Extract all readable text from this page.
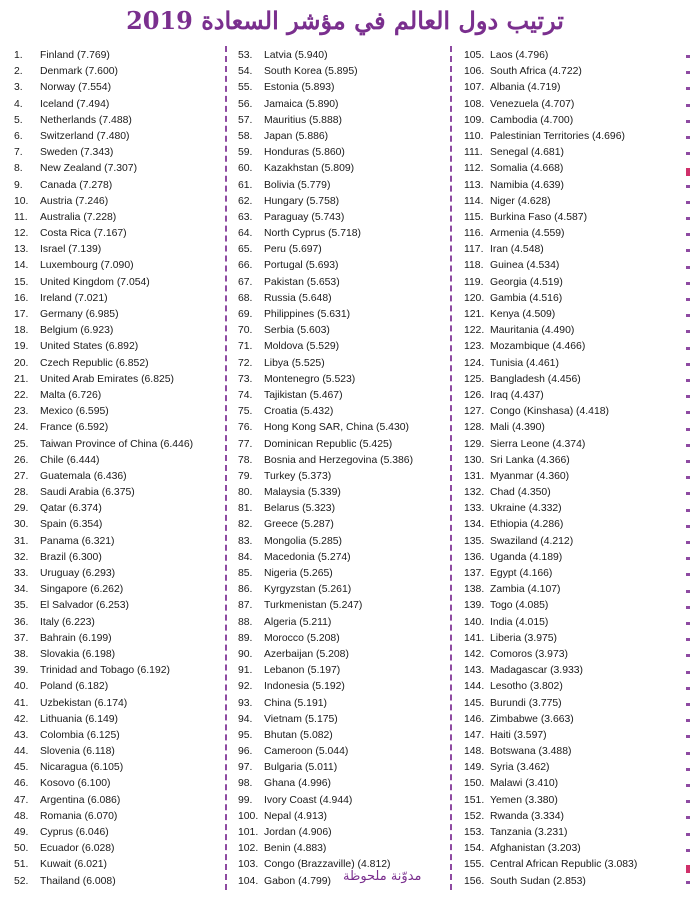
ترتيب دول العالم في مؤشر السعادة 2019
1. Finland (7.769)
2. Denmark (7.600)
3. Norway (7.554)
4. Iceland (7.494)
5. Netherlands (7.488)
6. Switzerland (7.480)
7. Sweden (7.343)
8. New Zealand (7.307)
9. Canada (7.278)
10. Austria (7.246)
11. Australia (7.228)
12. Costa Rica (7.167)
13. Israel (7.139)
14. Luxembourg (7.090)
15. United Kingdom (7.054)
16. Ireland (7.021)
17. Germany (6.985)
18. Belgium (6.923)
19. United States (6.892)
20. Czech Republic (6.852)
21. United Arab Emirates (6.825)
22. Malta (6.726)
23. Mexico (6.595)
24. France (6.592)
25. Taiwan Province of China (6.446)
26. Chile (6.444)
27. Guatemala (6.436)
28. Saudi Arabia (6.375)
29. Qatar (6.374)
30. Spain (6.354)
31. Panama (6.321)
32. Brazil (6.300)
33. Uruguay (6.293)
34. Singapore (6.262)
35. El Salvador (6.253)
36. Italy (6.223)
37. Bahrain (6.199)
38. Slovakia (6.198)
39. Trinidad and Tobago (6.192)
40. Poland (6.182)
41. Uzbekistan (6.174)
42. Lithuania (6.149)
43. Colombia (6.125)
44. Slovenia (6.118)
45. Nicaragua (6.105)
46. Kosovo (6.100)
47. Argentina (6.086)
48. Romania (6.070)
49. Cyprus (6.046)
50. Ecuador (6.028)
51. Kuwait (6.021)
52. Thailand (6.008)
53. Latvia (5.940)
54. South Korea (5.895)
55. Estonia (5.893)
56. Jamaica (5.890)
57. Mauritius (5.888)
58. Japan (5.886)
59. Honduras (5.860)
60. Kazakhstan (5.809)
61. Bolivia (5.779)
62. Hungary (5.758)
63. Paraguay (5.743)
64. North Cyprus (5.718)
65. Peru (5.697)
66. Portugal (5.693)
67. Pakistan (5.653)
68. Russia (5.648)
69. Philippines (5.631)
70. Serbia (5.603)
71. Moldova (5.529)
72. Libya (5.525)
73. Montenegro (5.523)
74. Tajikistan (5.467)
75. Croatia (5.432)
76. Hong Kong SAR, China (5.430)
77. Dominican Republic (5.425)
78. Bosnia and Herzegovina (5.386)
79. Turkey (5.373)
80. Malaysia (5.339)
81. Belarus (5.323)
82. Greece (5.287)
83. Mongolia (5.285)
84. Macedonia (5.274)
85. Nigeria (5.265)
86. Kyrgyzstan (5.261)
87. Turkmenistan (5.247)
88. Algeria (5.211)
89. Morocco (5.208)
90. Azerbaijan (5.208)
91. Lebanon (5.197)
92. Indonesia (5.192)
93. China (5.191)
94. Vietnam (5.175)
95. Bhutan (5.082)
96. Cameroon (5.044)
97. Bulgaria (5.011)
98. Ghana (4.996)
99. Ivory Coast (4.944)
100. Nepal (4.913)
101. Jordan (4.906)
102. Benin (4.883)
103. Congo (Brazzaville) (4.812)
104. Gabon (4.799)
105. Laos (4.796)
106. South Africa (4.722)
107. Albania (4.719)
108. Venezuela (4.707)
109. Cambodia (4.700)
110. Palestinian Territories (4.696)
111. Senegal (4.681)
112. Somalia (4.668)
113. Namibia (4.639)
114. Niger (4.628)
115. Burkina Faso (4.587)
116. Armenia (4.559)
117. Iran (4.548)
118. Guinea (4.534)
119. Georgia (4.519)
120. Gambia (4.516)
121. Kenya (4.509)
122. Mauritania (4.490)
123. Mozambique (4.466)
124. Tunisia (4.461)
125. Bangladesh (4.456)
126. Iraq (4.437)
127. Congo (Kinshasa) (4.418)
128. Mali (4.390)
129. Sierra Leone (4.374)
130. Sri Lanka (4.366)
131. Myanmar (4.360)
132. Chad (4.350)
133. Ukraine (4.332)
134. Ethiopia (4.286)
135. Swaziland (4.212)
136. Uganda (4.189)
137. Egypt (4.166)
138. Zambia (4.107)
139. Togo (4.085)
140. India (4.015)
141. Liberia (3.975)
142. Comoros (3.973)
143. Madagascar (3.933)
144. Lesotho (3.802)
145. Burundi (3.775)
146. Zimbabwe (3.663)
147. Haiti (3.597)
148. Botswana (3.488)
149. Syria (3.462)
150. Malawi (3.410)
151. Yemen (3.380)
152. Rwanda (3.334)
153. Tanzania (3.231)
154. Afghanistan (3.203)
155. Central African Republic (3.083)
156. South Sudan (2.853)
مدوّنة ملحوظة
